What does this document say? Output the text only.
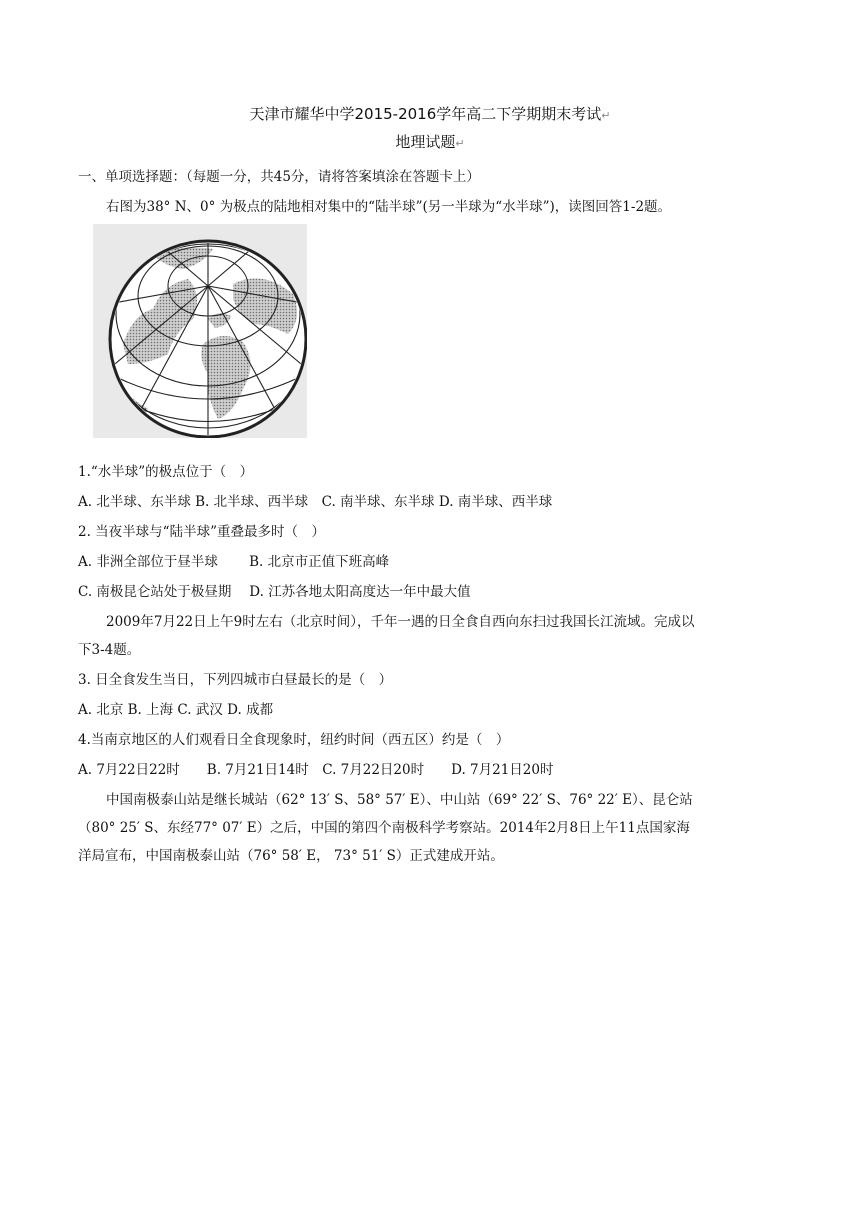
天津市耀华中学2015-2016学年高二下学期期末考试↵
地理试题↵
一、单项选择题：（每题一分，共45分，请将答案填涂在答题卡上）
右图为38° N、0° 为极点的陆地相对集中的“陆半球”(另一半球为“水半球”)，读图回答1-2题。
1.“水半球”的极点位于（　）
A. 北半球、东半球 B. 北半球、西半球　C. 南半球、东半球 D. 南半球、西半球
2. 当夜半球与“陆半球”重叠最多时（　）
A. 非洲全部位于昼半球　　 B. 北京市正值下班高峰
C. 南极昆仑站处于极昼期　 D. 江苏各地太阳高度达一年中最大值
2009年7月22日上午9时左右（北京时间），千年一遇的日全食自西向东扫过我国长江流域。完成以
下3-4题。
3. 日全食发生当日，下列四城市白昼最长的是（　）
A. 北京 B. 上海 C. 武汉 D. 成都
4.当南京地区的人们观看日全食现象时，纽约时间（西五区）约是（　）
A. 7月22日22时　　B. 7月21日14时　C. 7月22日20时　　D. 7月21日20时
中国南极泰山站是继长城站（62° 13′ S、58° 57′ E）、中山站（69° 22′ S、76° 22′ E）、昆仑站
（80° 25′ S、东经77° 07′ E）之后，中国的第四个南极科学考察站。2014年2月8日上午11点国家海
洋局宣布，中国南极泰山站（76° 58′ E， 73° 51′ S）正式建成开站。
